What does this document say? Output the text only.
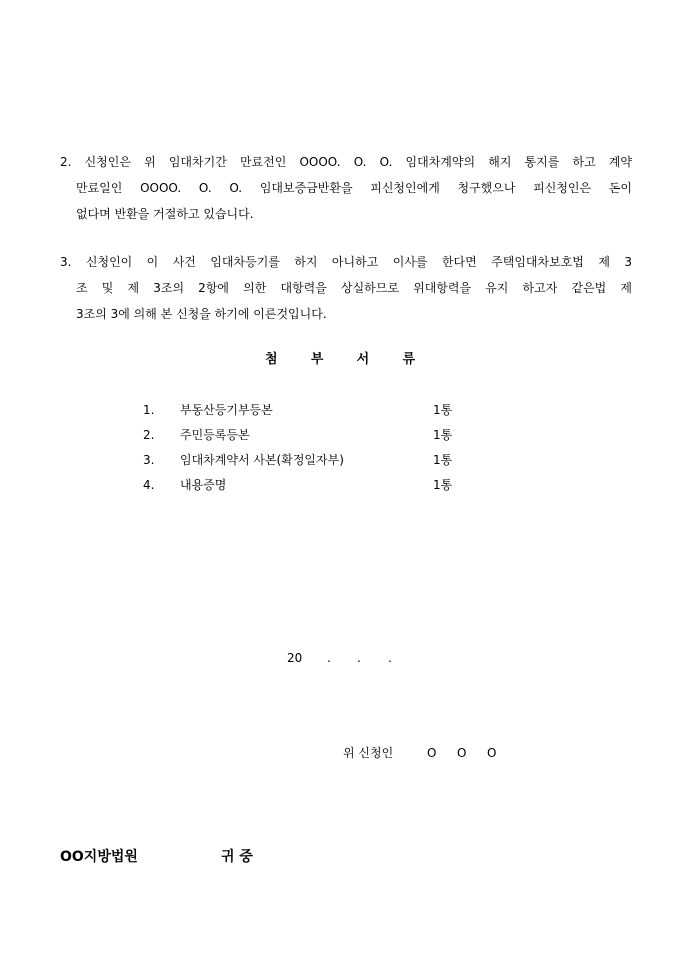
2. 신청인은 위 임대차기간 만료전인 OOOO. O. O. 임대차계약의 해지 통지를 하고 계약
만료일인 OOOO. O. O. 임대보증금반환을 피신청인에게 청구했으나 피신청인은 돈이
없다며 반환을 거절하고 있습니다.
3. 신청인이 이 사건 임대차등기를 하지 아니하고 이사를 한다면 주택임대차보호법 제 3
조 및 제 3조의 2항에 의한 대항력을 상실하므로 위대항력을 유지 하고자 같은법 제
3조의 3에 의해 본 신청을 하기에 이른것입니다.
첨	부	서	류
1. 부동산등기부등본	1통
2. 주민등록등본	1통
3. 임대차계약서 사본(확정일자부)	1통
4. 내용증명	1통
20 . . .
위 신청인	O O O
OO지방법원	귀 중
